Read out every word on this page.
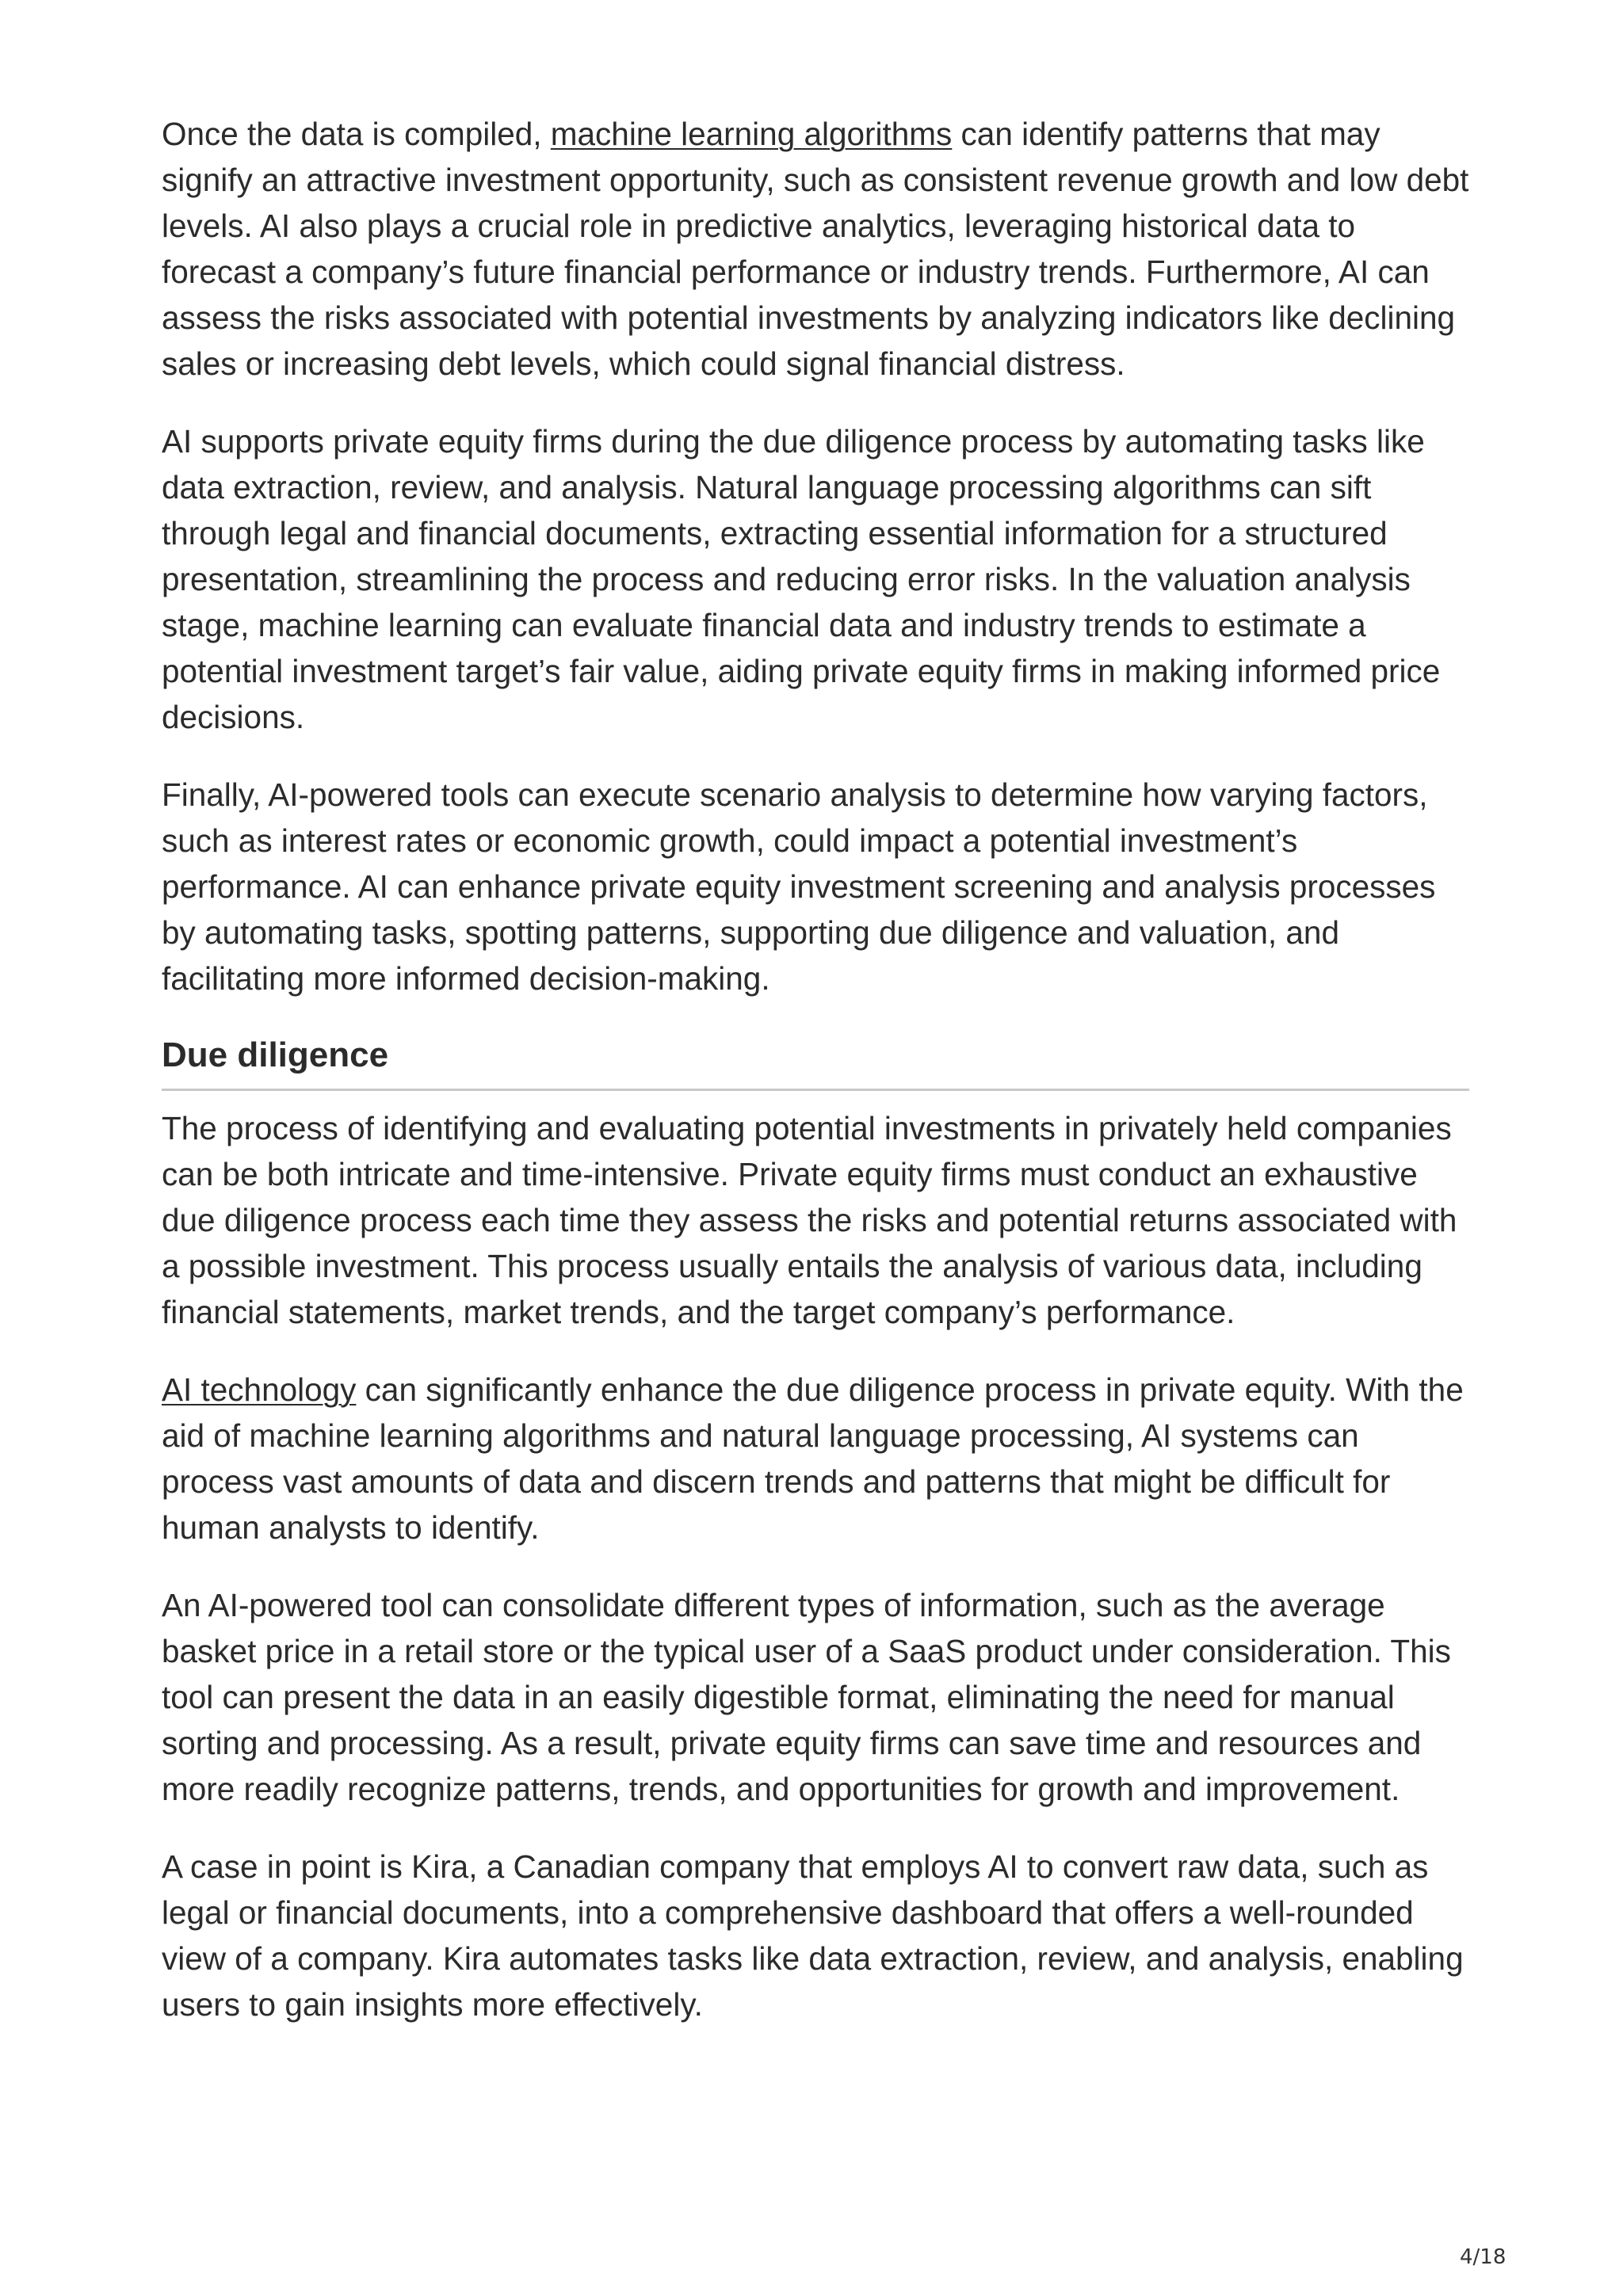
Once the data is compiled, machine learning algorithms can identify patterns that may signify an attractive investment opportunity, such as consistent revenue growth and low debt levels. AI also plays a crucial role in predictive analytics, leveraging historical data to forecast a company’s future financial performance or industry trends. Furthermore, AI can assess the risks associated with potential investments by analyzing indicators like declining sales or increasing debt levels, which could signal financial distress.

AI supports private equity firms during the due diligence process by automating tasks like data extraction, review, and analysis. Natural language processing algorithms can sift through legal and financial documents, extracting essential information for a structured presentation, streamlining the process and reducing error risks. In the valuation analysis stage, machine learning can evaluate financial data and industry trends to estimate a potential investment target’s fair value, aiding private equity firms in making informed price decisions.

Finally, AI-powered tools can execute scenario analysis to determine how varying factors, such as interest rates or economic growth, could impact a potential investment’s performance. AI can enhance private equity investment screening and analysis processes by automating tasks, spotting patterns, supporting due diligence and valuation, and facilitating more informed decision-making.

Due diligence

The process of identifying and evaluating potential investments in privately held companies can be both intricate and time-intensive. Private equity firms must conduct an exhaustive due diligence process each time they assess the risks and potential returns associated with a possible investment. This process usually entails the analysis of various data, including financial statements, market trends, and the target company’s performance.

AI technology can significantly enhance the due diligence process in private equity. With the aid of machine learning algorithms and natural language processing, AI systems can process vast amounts of data and discern trends and patterns that might be difficult for human analysts to identify.

An AI-powered tool can consolidate different types of information, such as the average basket price in a retail store or the typical user of a SaaS product under consideration. This tool can present the data in an easily digestible format, eliminating the need for manual sorting and processing. As a result, private equity firms can save time and resources and more readily recognize patterns, trends, and opportunities for growth and improvement.

A case in point is Kira, a Canadian company that employs AI to convert raw data, such as legal or financial documents, into a comprehensive dashboard that offers a well-rounded view of a company. Kira automates tasks like data extraction, review, and analysis, enabling users to gain insights more effectively.

4/18
